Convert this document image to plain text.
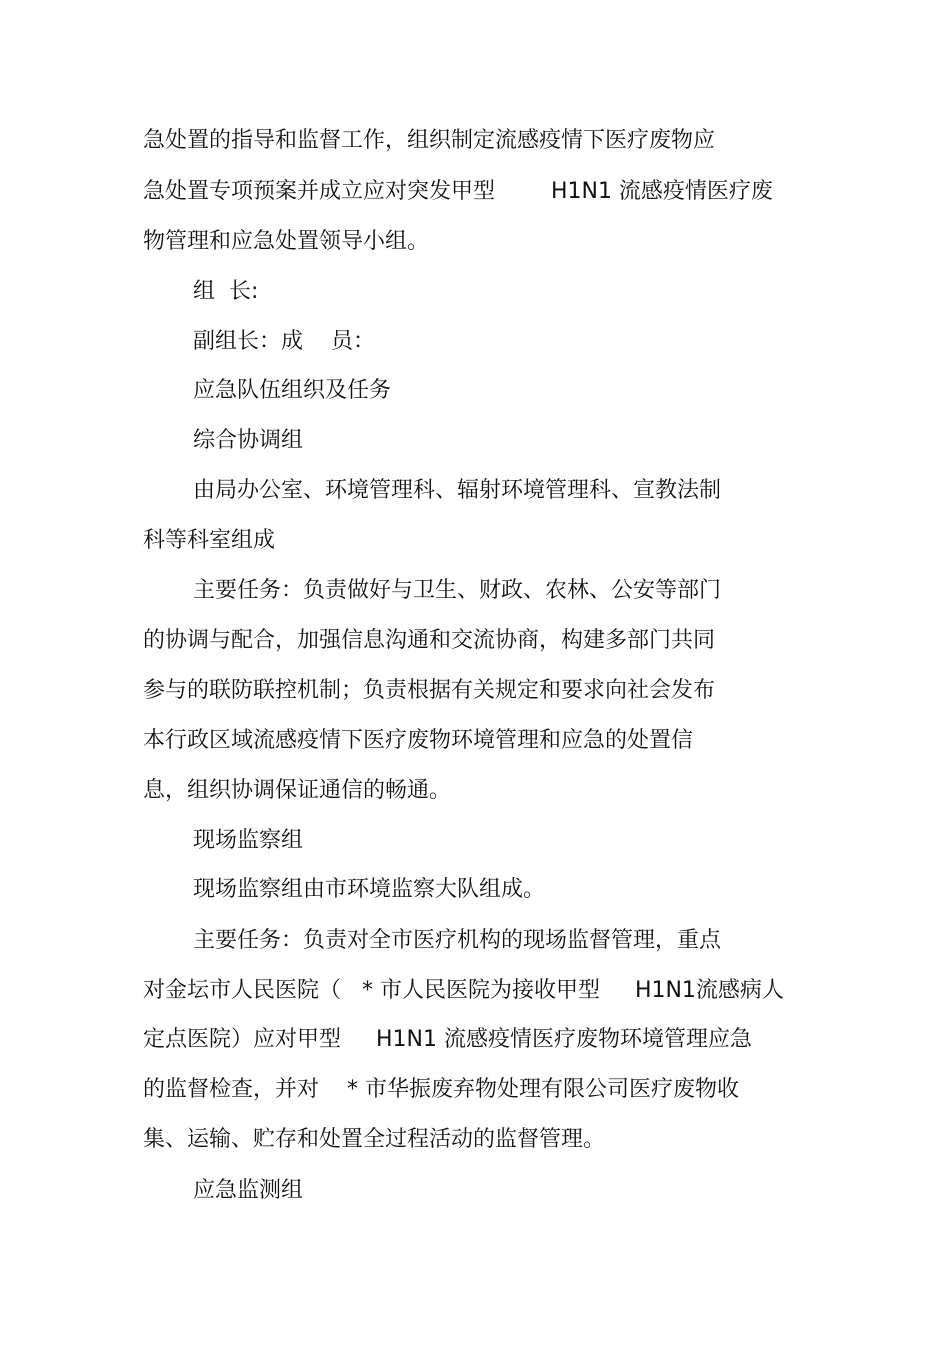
急处置的指导和监督工作，组织制定流感疫情下医疗废物应
急处置专项预案并成立应对突发甲型        H1N1 流感疫情医疗废
物管理和应急处置领导小组。
组  长:
副组长：成    员：
应急队伍组织及任务
综合协调组
由局办公室、环境管理科、辐射环境管理科、宣教法制
科等科室组成
主要任务：负责做好与卫生、财政、农林、公安等部门
的协调与配合，加强信息沟通和交流协商，构建多部门共同
参与的联防联控机制；负责根据有关规定和要求向社会发布
本行政区域流感疫情下医疗废物环境管理和应急的处置信
息，组织协调保证通信的畅通。
现场监察组
现场监察组由市环境监察大队组成。
主要任务：负责对全市医疗机构的现场监督管理，重点
对金坛市人民医院（   * 市人民医院为接收甲型     H1N1流感病人
定点医院）应对甲型     H1N1 流感疫情医疗废物环境管理应急
的监督检查，并对    * 市华振废弃物处理有限公司医疗废物收
集、运输、贮存和处置全过程活动的监督管理。
应急监测组
